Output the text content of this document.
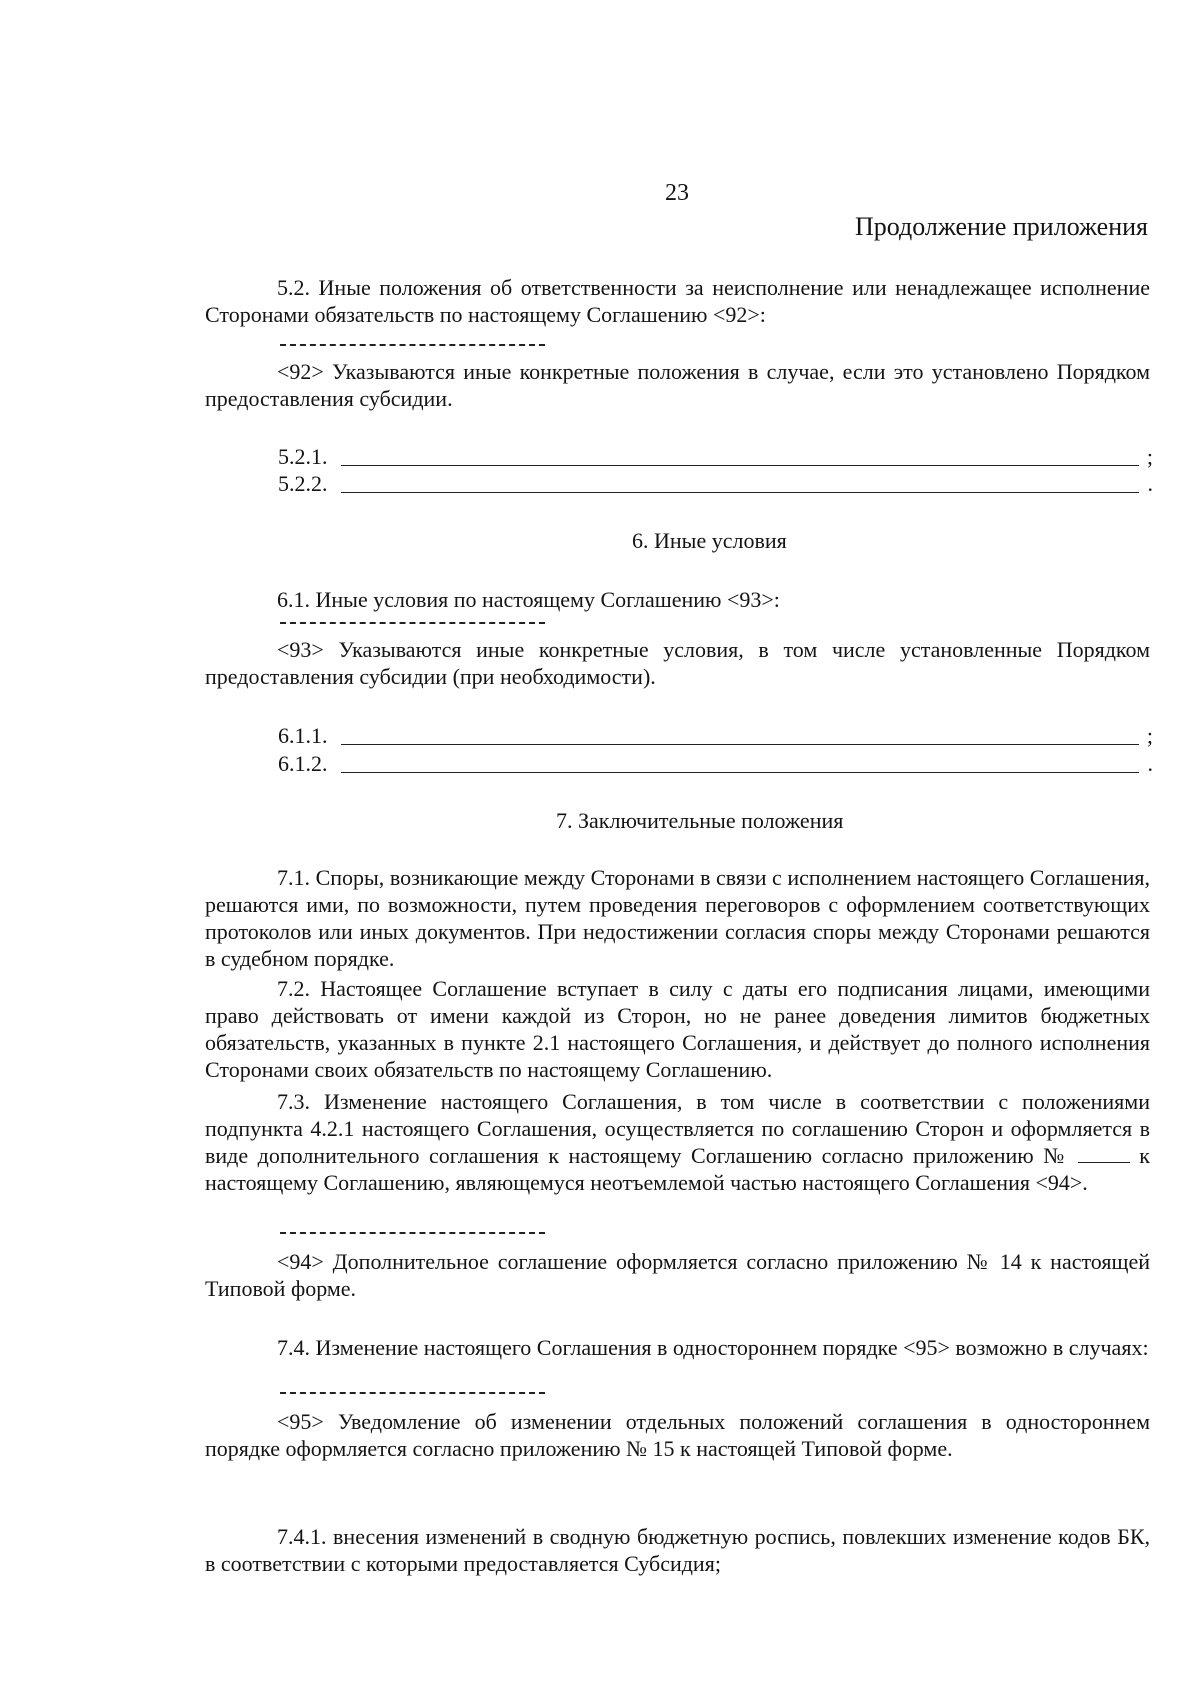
23
Продолжение приложения

5.2. Иные положения об ответственности за неисполнение или ненадлежащее исполнение Сторонами обязательств по настоящему Соглашению <92>:

<92> Указываются иные конкретные положения в случае, если это установлено Порядком предоставления субсидии.

5.2.1.	;
5.2.2.	.
6. Иные условия

6.1. Иные условия по настоящему Соглашению <93>:

<93> Указываются иные конкретные условия, в том числе установленные Порядком предоставления субсидии (при необходимости).

6.1.1.	;
6.1.2.	.
7. Заключительные положения

7.1. Споры, возникающие между Сторонами в связи с исполнением настоящего Соглашения, решаются ими, по возможности, путем проведения переговоров с оформлением соответствующих протоколов или иных документов. При недостижении согласия споры между Сторонами решаются в судебном порядке.

7.2. Настоящее Соглашение вступает в силу с даты его подписания лицами, имеющими право действовать от имени каждой из Сторон, но не ранее доведения лимитов бюджетных обязательств, указанных в пункте 2.1 настоящего Соглашения, и действует до полного исполнения Сторонами своих обязательств по настоящему Соглашению.

7.3. Изменение настоящего Соглашения, в том числе в соответствии с положениями подпункта 4.2.1 настоящего Соглашения, осуществляется по соглашению Сторон и оформляется в виде дополнительного соглашения к настоящему Соглашению согласно приложению №	к настоящему Соглашению, являющемуся неотъемлемой частью настоящего Соглашения <94>.

<94> Дополнительное соглашение оформляется согласно приложению № 14 к настоящей Типовой форме.

7.4. Изменение настоящего Соглашения в одностороннем порядке <95> возможно в случаях:

<95> Уведомление об изменении отдельных положений соглашения в одностороннем порядке оформляется согласно приложению № 15 к настоящей Типовой форме.

7.4.1. внесения изменений в сводную бюджетную роспись, повлекших изменение кодов БК, в соответствии с которыми предоставляется Субсидия;
